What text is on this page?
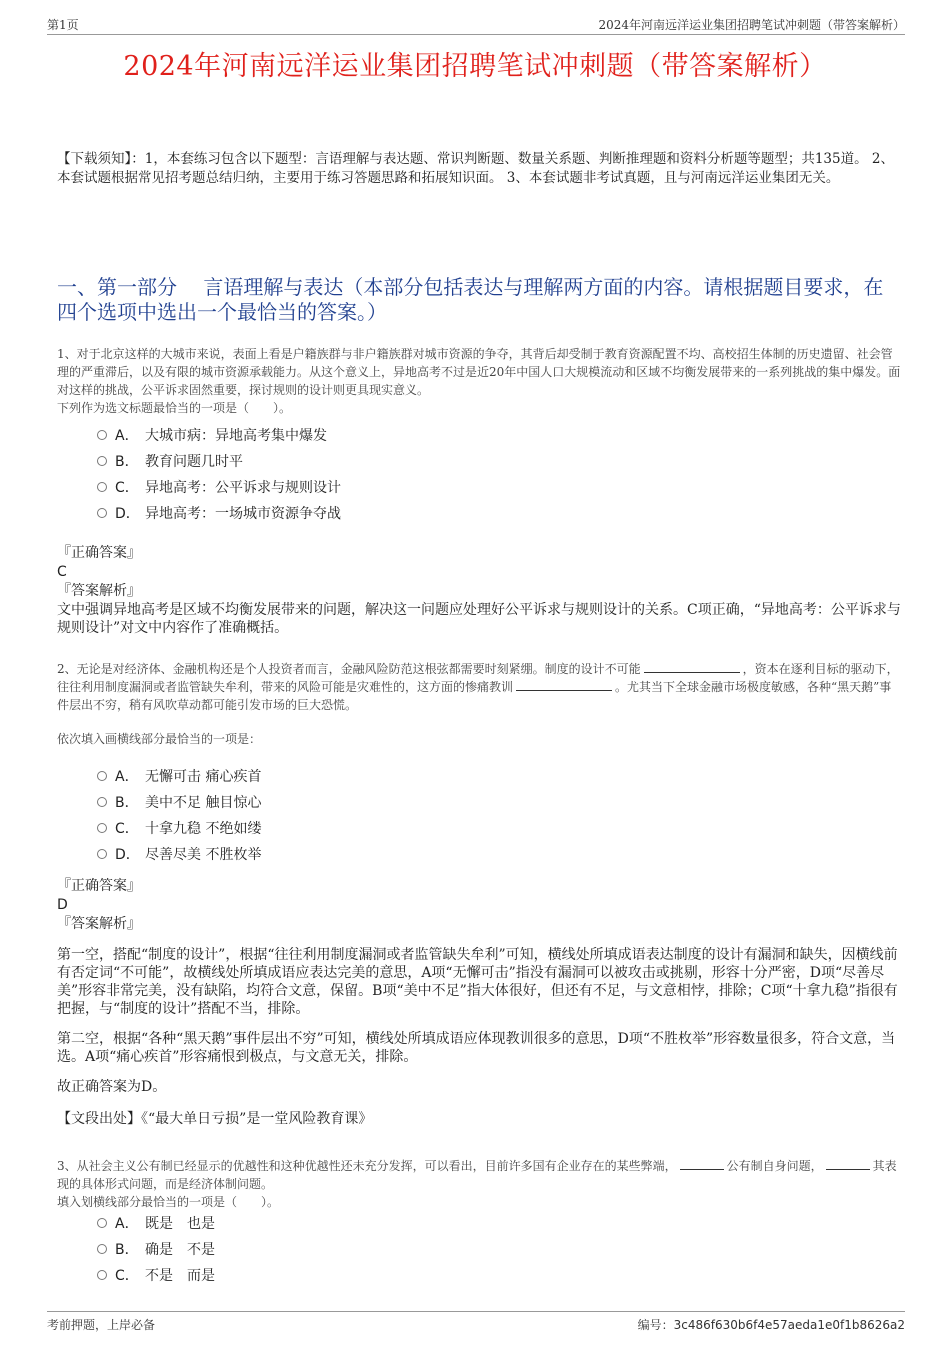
第1页	2024年河南远洋运业集团招聘笔试冲刺题（带答案解析）
2024年河南远洋运业集团招聘笔试冲刺题（带答案解析）
【下载须知】：1，本套练习包含以下题型：言语理解与表达题、常识判断题、数量关系题、判断推理题和资料分析题等题型；共135道。 2、本套试题根据常见招考题总结归纳，主要用于练习答题思路和拓展知识面。 3、本套试题非考试真题，且与河南远洋运业集团无关。
一、第一部分　 言语理解与表达（本部分包括表达与理解两方面的内容。请根据题目要求，在四个选项中选出一个最恰当的答案。）
1、对于北京这样的大城市来说，表面上看是户籍族群与非户籍族群对城市资源的争夺，其背后却受制于教育资源配置不均、高校招生体制的历史遗留、社会管理的严重滞后，以及有限的城市资源承载能力。从这个意义上，异地高考不过是近20年中国人口大规模流动和区域不均衡发展带来的一系列挑战的集中爆发。面对这样的挑战，公平诉求固然重要，探讨规则的设计则更具现实意义。
下列作为选文标题最恰当的一项是（　　）。
A． 大城市病：异地高考集中爆发
B． 教育问题几时平
C． 异地高考：公平诉求与规则设计
D． 异地高考：一场城市资源争夺战
『正确答案』
C
『答案解析』
文中强调异地高考是区域不均衡发展带来的问题，解决这一问题应处理好公平诉求与规则设计的关系。C项正确，“异地高考：公平诉求与规则设计”对文中内容作了准确概括。
2、无论是对经济体、金融机构还是个人投资者而言，金融风险防范这根弦都需要时刻紧绷。制度的设计不可能	，资本在逐利目标的驱动下，往往利用制度漏洞或者监管缺失牟利，带来的风险可能是灾难性的，这方面的惨痛教训	。尤其当下全球金融市场极度敏感，各种“黑天鹅”事件层出不穷，稍有风吹草动都可能引发市场的巨大恐慌。
依次填入画横线部分最恰当的一项是：
A． 无懈可击 痛心疾首
B． 美中不足 触目惊心
C． 十拿九稳 不绝如缕
D． 尽善尽美 不胜枚举
『正确答案』
D
『答案解析』
第一空，搭配“制度的设计”，根据“往往利用制度漏洞或者监管缺失牟利”可知，横线处所填成语表达制度的设计有漏洞和缺失，因横线前有否定词“不可能”，故横线处所填成语应表达完美的意思，A项“无懈可击”指没有漏洞可以被攻击或挑剔，形容十分严密，D项“尽善尽美”形容非常完美，没有缺陷，均符合文意，保留。B项“美中不足”指大体很好，但还有不足，与文意相悖，排除；C项“十拿九稳”指很有把握，与“制度的设计”搭配不当，排除。
第二空，根据“各种“黑天鹅”事件层出不穷”可知，横线处所填成语应体现教训很多的意思，D项“不胜枚举”形容数量很多，符合文意，当选。A项“痛心疾首”形容痛恨到极点，与文意无关，排除。
故正确答案为D。
【文段出处】《“最大单日亏损”是一堂风险教育课》
3、从社会主义公有制已经显示的优越性和这种优越性还未充分发挥，可以看出，目前许多国有企业存在的某些弊端，	公有制自身问题，	其表现的具体形式问题，而是经济体制问题。
填入划横线部分最恰当的一项是（　　）。
A． 既是　也是
B． 确是　不是
C． 不是　而是
考前押题，上岸必备	编号：3c486f630b6f4e57aeda1e0f1b8626a2
